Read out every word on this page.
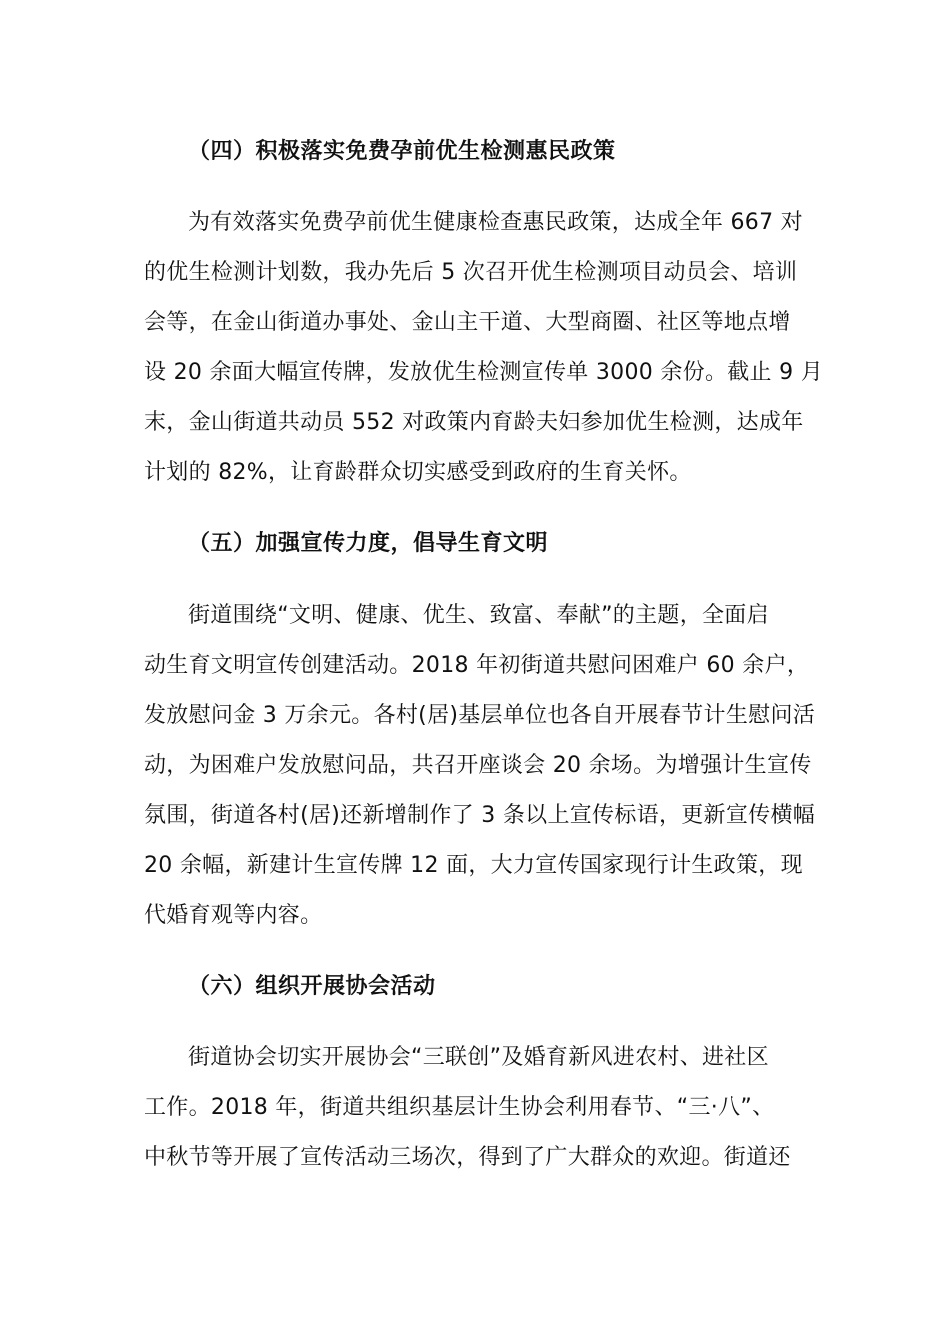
（四）积极落实免费孕前优生检测惠民政策
为有效落实免费孕前优生健康检查惠民政策，达成全年 667 对
的优生检测计划数，我办先后 5 次召开优生检测项目动员会、培训
会等，在金山街道办事处、金山主干道、大型商圈、社区等地点增
设 20 余面大幅宣传牌，发放优生检测宣传单 3000 余份。截止 9 月
末，金山街道共动员 552 对政策内育龄夫妇参加优生检测，达成年
计划的 82%，让育龄群众切实感受到政府的生育关怀。
（五）加强宣传力度，倡导生育文明
街道围绕“文明、健康、优生、致富、奉献”的主题，全面启
动生育文明宣传创建活动。2018 年初街道共慰问困难户 60 余户，
发放慰问金 3 万余元。各村(居)基层单位也各自开展春节计生慰问活
动，为困难户发放慰问品，共召开座谈会 20 余场。为增强计生宣传
氛围，街道各村(居)还新增制作了 3 条以上宣传标语，更新宣传横幅
20 余幅，新建计生宣传牌 12 面，大力宣传国家现行计生政策，现
代婚育观等内容。
（六）组织开展协会活动
街道协会切实开展协会“三联创”及婚育新风进农村、进社区
工作。2018 年，街道共组织基层计生协会利用春节、“三·八”、
中秋节等开展了宣传活动三场次，得到了广大群众的欢迎。街道还
